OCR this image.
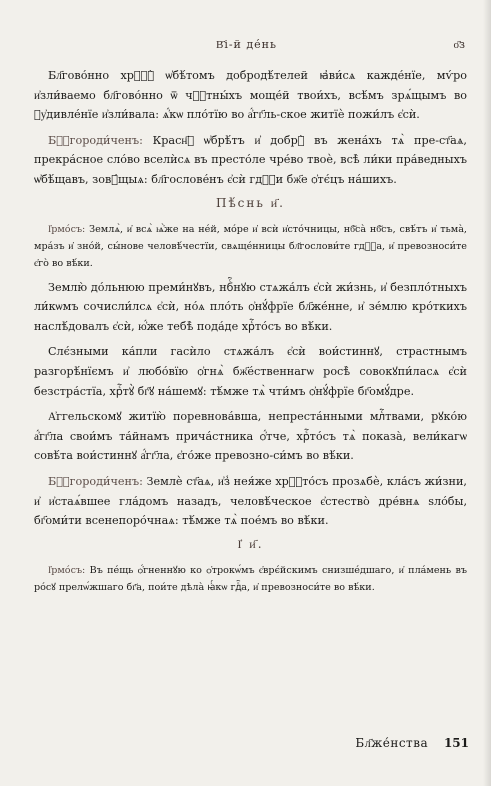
В҃і-й де́нь	о҃з

Бл҃гово́нно хрⷭ҇ꙋ̀ ѡ҆бѣ́томъ добродѣ́телей ꙗ҆ви́сѧ кажде́нїе, мѵ́ро и҆зли́ваемо бл҃гово́нно ѿ чⷭ҇тны́хъ моще́й твои́хъ, всѣ́мъ зрѧ́щымъ во ᲂу҆дивле́нїе и҆зли́вала: ѧ҆́кѡ пло́тїю во а҆́гг҃ль-ское житїѐ пожи́лъ є҆сѝ.

Бⷪ҇городи́ченъ: Красн҃ꙋ ѡ҆брѣ́тъ и҆ добрꙋ̀ въ жена́хъ тѧ̀ пре-ст҃аѧ, прекра́сное сло́во вселѝсѧ въ престо́ле чре́во твоѐ, всѣ̀ ли́ки пра́ведныхъ ѡ҆бѣ́щавъ, зовꙋ́щыѧ: бл҃гослове́нъ є҆сѝ гдⷭ҇и бж҃е ѻ҆тє́цъ на́шихъ.

Пѣ́снь и҃.

І҆рмо́съ: Землѧ̀, и҆ всѧ̀ ѩ҆̀же на не́й, мо́ре и҆ всѝ и҆сто́чницы, нб҃са̀ нб҃съ, свѣ́тъ и҆ тьма̀, мра́зъ и҆ зно́й, сы́нове человѣ́честїи, свѧще́нницы бл҃гослови́те гдⷭ҇а, и҆ превозноси́те є҆го̀ во вѣ́ки.

Землю̀ до́льнюю преми́нꙋвъ, нбⷭ҇нꙋю стѧжа́лъ є҆сѝ жи́знь, и҆ безпло́тныхъ ли́кѡмъ сочисли́лсѧ є҆сѝ, но́ѧ пло́ть ѻ҆нꙋ́фрїе бл҃же́нне, и҆ зе́млю кро́ткихъ наслѣ́довалъ є҆сѝ, ю҆́же тебѣ̀ пода́де хрⷭ҇то́съ во вѣ́ки.

Слє́зными ка́пли гасѝло стѧжа́лъ є҆сѝ вои́стиннꙋ, страстнымъ разгорѣ́нїємъ и҆ любо́вїю ѻ҆гнѧ̀ бж҃е́ственнагѡ росѣ̀ совокꙋпи́ласѧ є҆сѝ безстра́стїа, хрⷭ҇тꙋ̀ бг҃ꙋ на́шемꙋ: тѣ́мже тѧ̀ чти́мъ ѻ҆нꙋ́фрїе бг҃омꙋ́дре.

А҆ггельскомꙋ житїю̀ поревнова́вша, непреста́нными млⷭ҇твами, рꙋко́ю а҆́гг҃ла свои́мъ та́йнамъ прича́стника ѻ҆́тче, хрⷭ҇то́съ тѧ̀ показа̀, вели́кагѡ совѣ́та вои́стиннꙋ а҆́гг҃ла, є҆го́же превозно-си́мъ во вѣ́ки.

Бⷪ҇городи́ченъ: Землѐ ст҃аѧ, и҆з̾ нея́же хрⷭ҇то́съ прозѧбѐ, кла́съ жи́зни, и҆ и҆стаѧ́вшее гла́домъ назадъ, человѣ́ческое є҆стество̀ дре́внѧ ѕло́бы, бг҃оми́ти всенепоро́чнаѧ: тѣ́мже тѧ̀ пое́мъ во вѣ́ки.

І҆ и҃.

І҆рмо́съ: Въ пе́щь ѻ҆́гненнꙋю ко ѻ҆трокѡ́мъ є҆врє́йскимъ снизше́дшаго, и҆ пла́мень въ ро́сꙋ прелѡ́жшаго бг҃а, пои́те дѣла̀ ꙗ҆́кѡ гдⷭ҇а, и҆ превозноси́те во вѣ́ки.

Бл҃же́нства 151
